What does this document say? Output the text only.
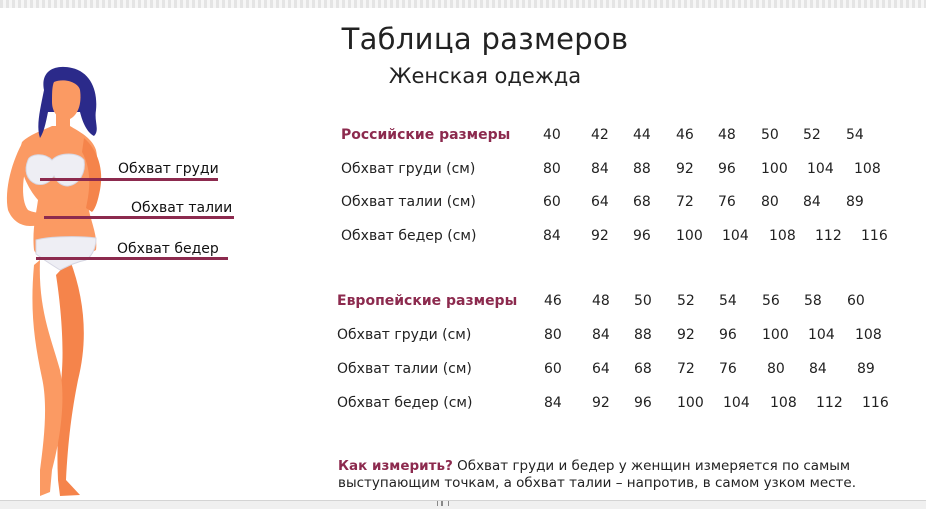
Таблица размеров
Женская одежда
Обхват груди
Обхват талии
Обхват бедер
Российские размеры 40 42 44 46 48 50 52 54
Обхват груди (см)	80 84 88 92 96 100 104 108
Обхват талии (см)	60 64 68 72 76 80 84 89
Обхват бедер (см)	84 92 96 100 104 108 112 116
Европейские размеры 46 48 50 52 54 56 58 60
Обхват груди (см)	80 84 88 92 96 100 104 108
Обхват талии (см)	60 64 68 72 76 80 84 89
Обхват бедер (см)	84 92 96 100 104 108 112 116
Как измерить? Обхват груди и бедер у женщин измеряется по самым выступающим точкам, а обхват талии – напротив, в самом узком месте.
